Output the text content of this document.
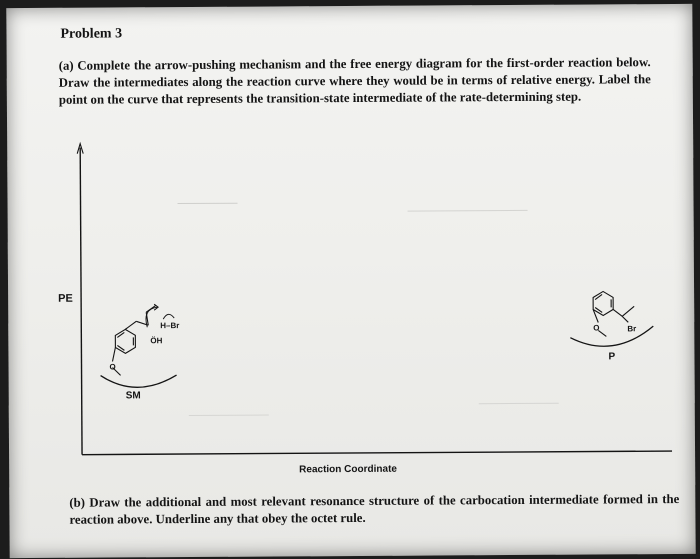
Problem 3
(a) Complete the arrow-pushing mechanism and the free energy diagram for the first-order reaction below. Draw the intermediates along the reaction curve where they would be in terms of relative energy. Label the point on the curve that represents the transition-state intermediate of the rate-determining step.
H–Br
ÖH
O
Br
O
PE
Reaction Coordinate
SM
P
(b) Draw the additional and most relevant resonance structure of the carbocation intermediate formed in the reaction above. Underline any that obey the octet rule.
